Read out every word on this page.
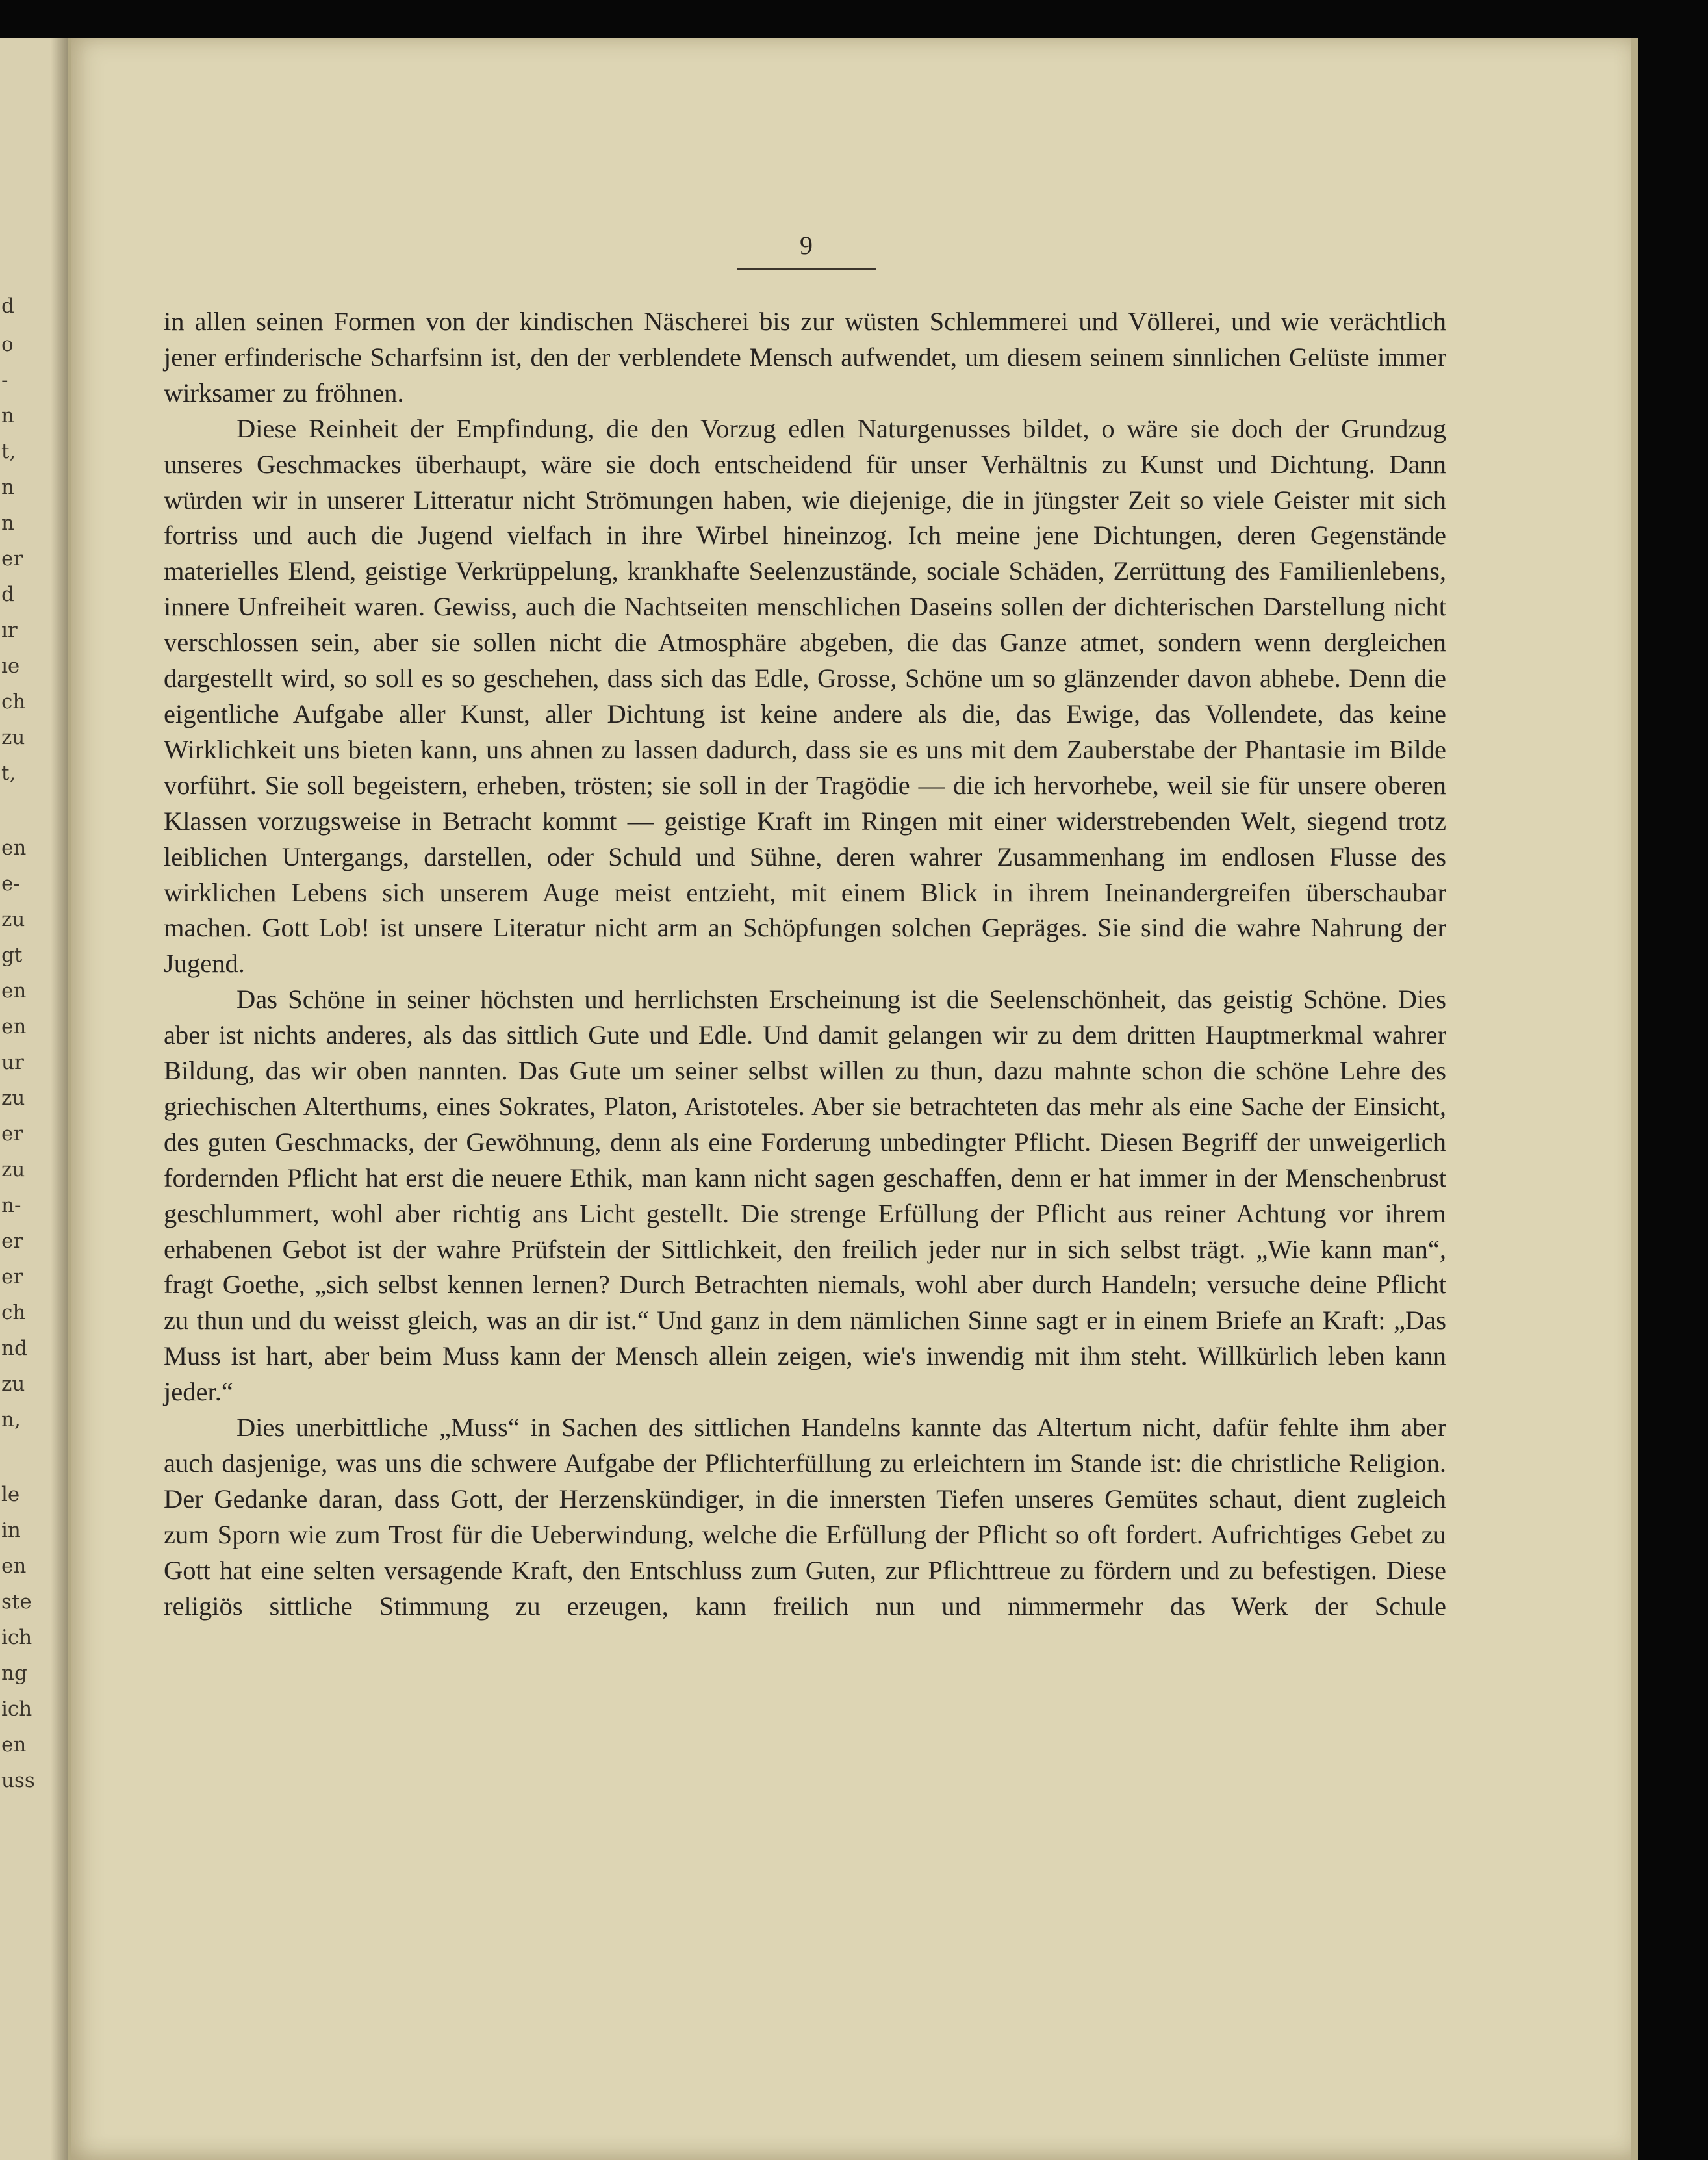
d
o
-
n
t,
n
n
er
d
ır
ıe
ch
zu
t,
en
e-
zu
gt
en
en
ur
zu
er
zu
n-
er
er
ch
nd
zu
n,
le
in
en
ste
ich
ng
ich
en
uss
9

in allen seinen Formen von der kindischen Näscherei bis zur wüsten Schlemmerei und Völlerei, und wie verächtlich jener erfinderische Scharfsinn ist, den der verblendete Mensch aufwendet, um diesem seinem sinnlichen Gelüste immer wirksamer zu fröhnen.

Diese Reinheit der Empfindung, die den Vorzug edlen Naturgenusses bildet, o wäre sie doch der Grundzug unseres Geschmackes überhaupt, wäre sie doch entscheidend für unser Verhältnis zu Kunst und Dichtung. Dann würden wir in unserer Litteratur nicht Strömungen haben, wie diejenige, die in jüngster Zeit so viele Geister mit sich fortriss und auch die Jugend vielfach in ihre Wirbel hineinzog. Ich meine jene Dichtungen, deren Gegenstände materielles Elend, geistige Verkrüppelung, krankhafte Seelenzustände, sociale Schäden, Zerrüttung des Familienlebens, innere Unfreiheit waren. Gewiss, auch die Nachtseiten menschlichen Daseins sollen der dichterischen Darstellung nicht verschlossen sein, aber sie sollen nicht die Atmosphäre abgeben, die das Ganze atmet, sondern wenn dergleichen dargestellt wird, so soll es so geschehen, dass sich das Edle, Grosse, Schöne um so glänzender davon abhebe. Denn die eigentliche Aufgabe aller Kunst, aller Dichtung ist keine andere als die, das Ewige, das Vollendete, das keine Wirklichkeit uns bieten kann, uns ahnen zu lassen dadurch, dass sie es uns mit dem Zauberstabe der Phantasie im Bilde vorführt. Sie soll begeistern, erheben, trösten; sie soll in der Tragödie — die ich hervorhebe, weil sie für unsere oberen Klassen vorzugsweise in Betracht kommt — geistige Kraft im Ringen mit einer widerstrebenden Welt, siegend trotz leiblichen Untergangs, darstellen, oder Schuld und Sühne, deren wahrer Zusammenhang im endlosen Flusse des wirklichen Lebens sich unserem Auge meist entzieht, mit einem Blick in ihrem Ineinandergreifen überschaubar machen. Gott Lob! ist unsere Literatur nicht arm an Schöpfungen solchen Gepräges. Sie sind die wahre Nahrung der Jugend.

Das Schöne in seiner höchsten und herrlichsten Erscheinung ist die Seelenschönheit, das geistig Schöne. Dies aber ist nichts anderes, als das sittlich Gute und Edle. Und damit gelangen wir zu dem dritten Hauptmerkmal wahrer Bildung, das wir oben nannten. Das Gute um seiner selbst willen zu thun, dazu mahnte schon die schöne Lehre des griechischen Alterthums, eines Sokrates, Platon, Aristoteles. Aber sie betrachteten das mehr als eine Sache der Einsicht, des guten Geschmacks, der Gewöhnung, denn als eine Forderung unbedingter Pflicht. Diesen Begriff der unweigerlich fordernden Pflicht hat erst die neuere Ethik, man kann nicht sagen geschaffen, denn er hat immer in der Menschenbrust geschlummert, wohl aber richtig ans Licht gestellt. Die strenge Erfüllung der Pflicht aus reiner Achtung vor ihrem erhabenen Gebot ist der wahre Prüfstein der Sittlichkeit, den freilich jeder nur in sich selbst trägt. „Wie kann man“, fragt Goethe, „sich selbst kennen lernen? Durch Betrachten niemals, wohl aber durch Handeln; versuche deine Pflicht zu thun und du weisst gleich, was an dir ist.“ Und ganz in dem nämlichen Sinne sagt er in einem Briefe an Kraft: „Das Muss ist hart, aber beim Muss kann der Mensch allein zeigen, wie's inwendig mit ihm steht. Willkürlich leben kann jeder.“

Dies unerbittliche „Muss“ in Sachen des sittlichen Handelns kannte das Altertum nicht, dafür fehlte ihm aber auch dasjenige, was uns die schwere Aufgabe der Pflichterfüllung zu erleichtern im Stande ist: die christliche Religion. Der Gedanke daran, dass Gott, der Herzenskündiger, in die innersten Tiefen unseres Gemütes schaut, dient zugleich zum Sporn wie zum Trost für die Ueberwindung, welche die Erfüllung der Pflicht so oft fordert. Aufrichtiges Gebet zu Gott hat eine selten versagende Kraft, den Entschluss zum Guten, zur Pflichttreue zu fördern und zu befestigen. Diese religiös sittliche Stimmung zu erzeugen, kann freilich nun und nimmermehr das Werk der Schule
